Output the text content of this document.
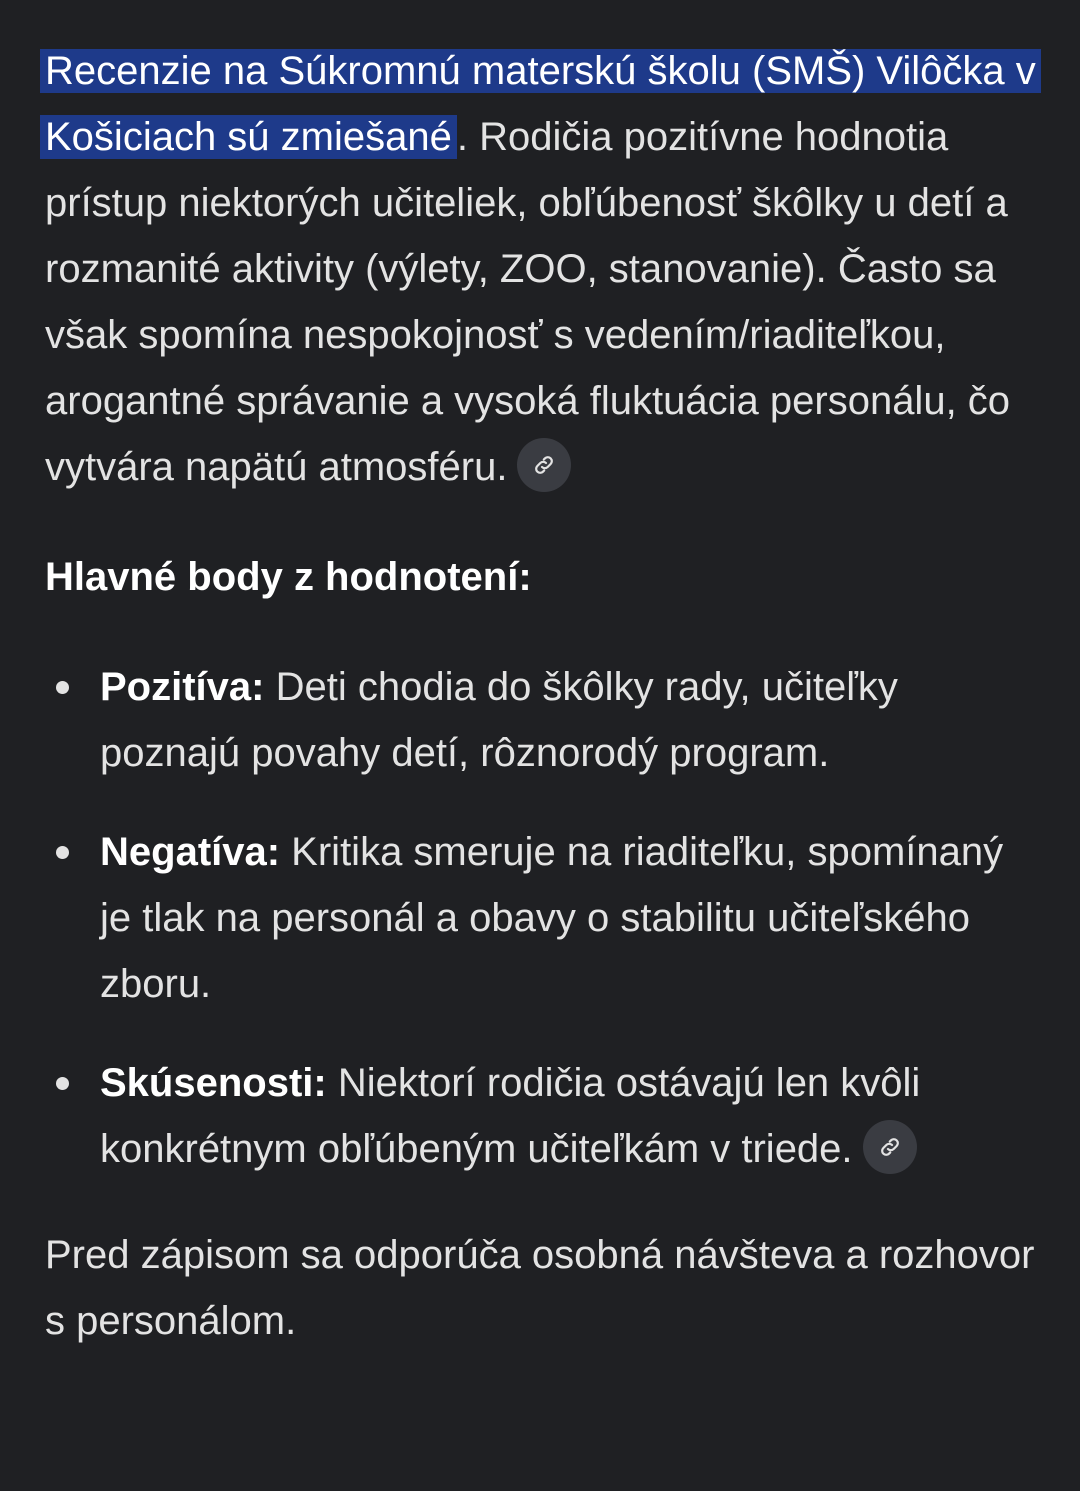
Recenzie na Súkromnú materskú školu (SMŠ) Vilôčka v Košiciach sú zmiešané . Rodičia pozitívne hodnotia prístup niektorých učiteliek, obľúbenosť škôlky u detí a rozmanité aktivity (výlety, ZOO, stanovanie). Často sa však spomína nespokojnosť s vedením/riaditeľkou, arogantné správanie a vysoká fluktuácia personálu, čo vytvára napätú atmosféru.

Hlavné body z hodnotení:

Pozitíva: Deti chodia do škôlky rady, učiteľky poznajú povahy detí, rôznorodý program.
Negatíva: Kritika smeruje na riaditeľku, spomínaný je tlak na personál a obavy o stabilitu učiteľského zboru.
Skúsenosti: Niektorí rodičia ostávajú len kvôli konkrétnym obľúbeným učiteľkám v triede.

Pred zápisom sa odporúča osobná návšteva a rozhovor s personálom.
